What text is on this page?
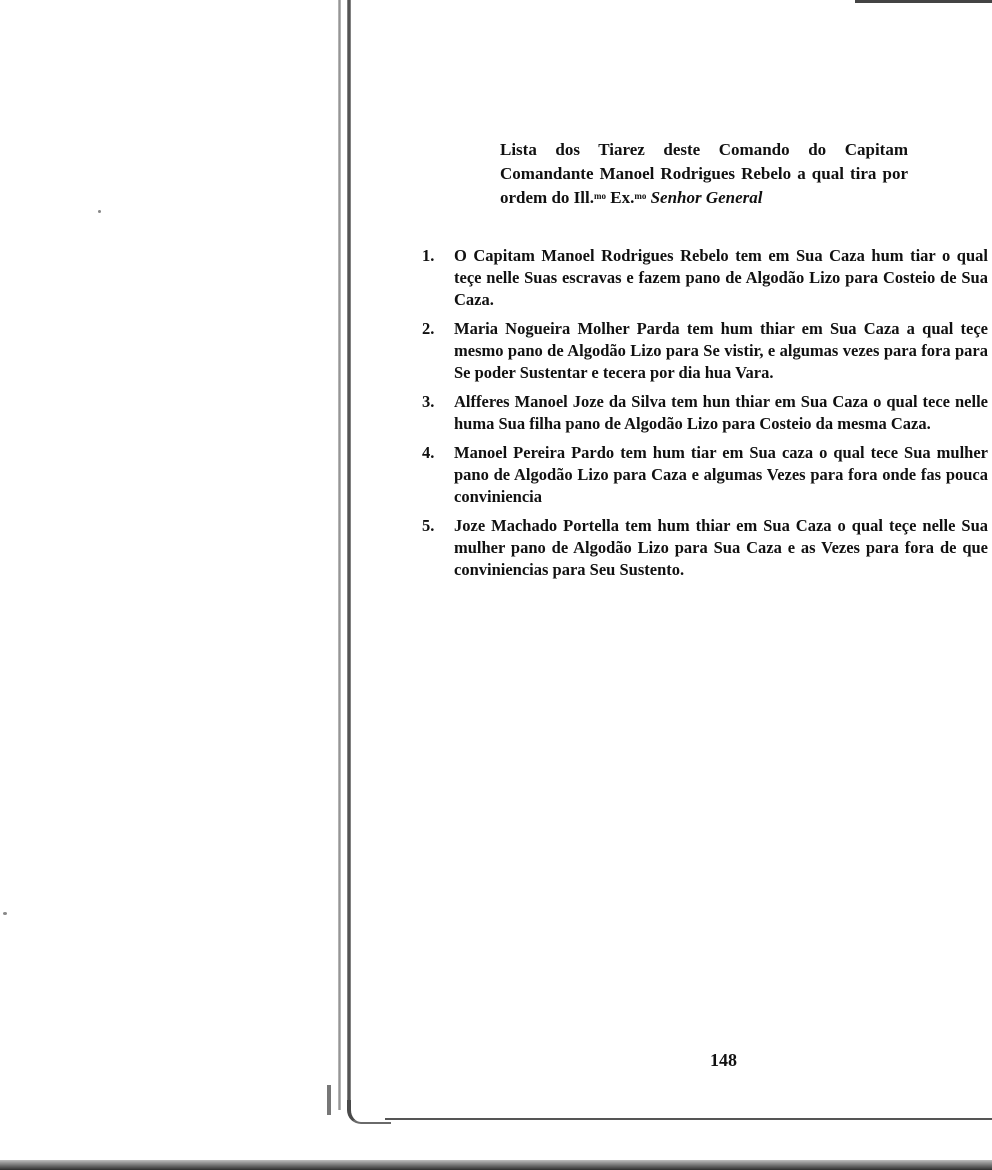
Lista dos Tiarez deste Comando do Capitam Comandante Manoel Rodrigues Rebelo a qual tira por ordem do Ill.$^{mo}$ Ex.$^{mo}$ Senhor General
1. O Capitam Manoel Rodrigues Rebelo tem em Sua Caza hum tiar o qual teçe nelle Suas escravas e fazem pano de Algodão Lizo para Costeio de Sua Caza.
2. Maria Nogueira Molher Parda tem hum thiar em Sua Caza a qual teçe mesmo pano de Algodão Lizo para Se vistir, e algumas vezes para fora para Se poder Sustentar e tecera por dia hua Vara.
3. Alfferes Manoel Joze da Silva tem hun thiar em Sua Caza o qual tece nelle huma Sua filha pano de Algodão Lizo para Costeio da mesma Caza.
4. Manoel Pereira Pardo tem hum tiar em Sua caza o qual tece Sua mulher pano de Algodão Lizo para Caza e algumas Vezes para fora onde fas pouca conviniencia
5. Joze Machado Portella tem hum thiar em Sua Caza o qual teçe nelle Sua mulher pano de Algodão Lizo para Sua Caza e as Vezes para fora de que conviniencias para Seu Sustento.
148
